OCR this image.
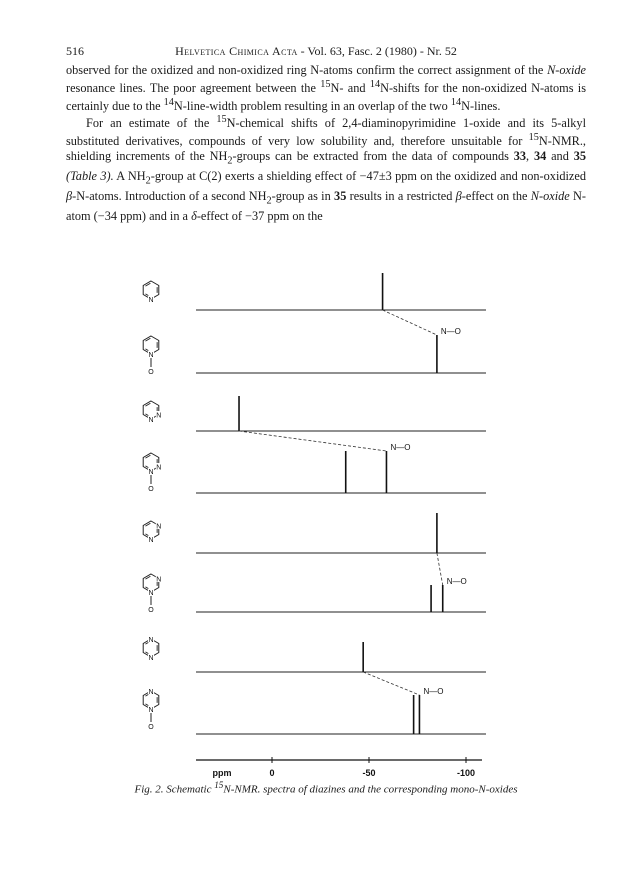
516	Helvetica Chimica Acta - Vol. 63, Fasc. 2 (1980) - Nr. 52

observed for the oxidized and non-oxidized ring N-atoms confirm the correct assignment of the N-oxide resonance lines. The poor agreement between the $^{15}$N- and $^{14}$N-shifts for the non-oxidized N-atoms is certainly due to the $^{14}$N-line-width problem resulting in an overlap of the two $^{14}$N-lines.

For an estimate of the $^{15}$N-chemical shifts of 2,4-diaminopyrimidine 1-oxide and its 5-alkyl substituted derivatives, compounds of very low solubility and, therefore unsuitable for $^{15}$N-NMR., shielding increments of the $NH_2$-groups can be extracted from the data of compounds 33, 34 and 35 (Table 3). A $NH_2$-group at C(2) exerts a shielding effect of −47±3 ppm on the oxidized and non-oxidized β-N-atoms. Introduction of a second $NH_2$-group as in 35 results in a restricted β-effect on the N-oxide N-atom (−34 ppm) and in a δ-effect of −37 ppm on the

N
N
O
N
N
N
N
O
N
N
N
N
O
N
N
N
N
O
N—O
N—O
N—O
N—O
0	-50	-100
ppm
Fig. 2. Schematic $^{15}$N-NMR. spectra of diazines and the corresponding mono-N-oxides
